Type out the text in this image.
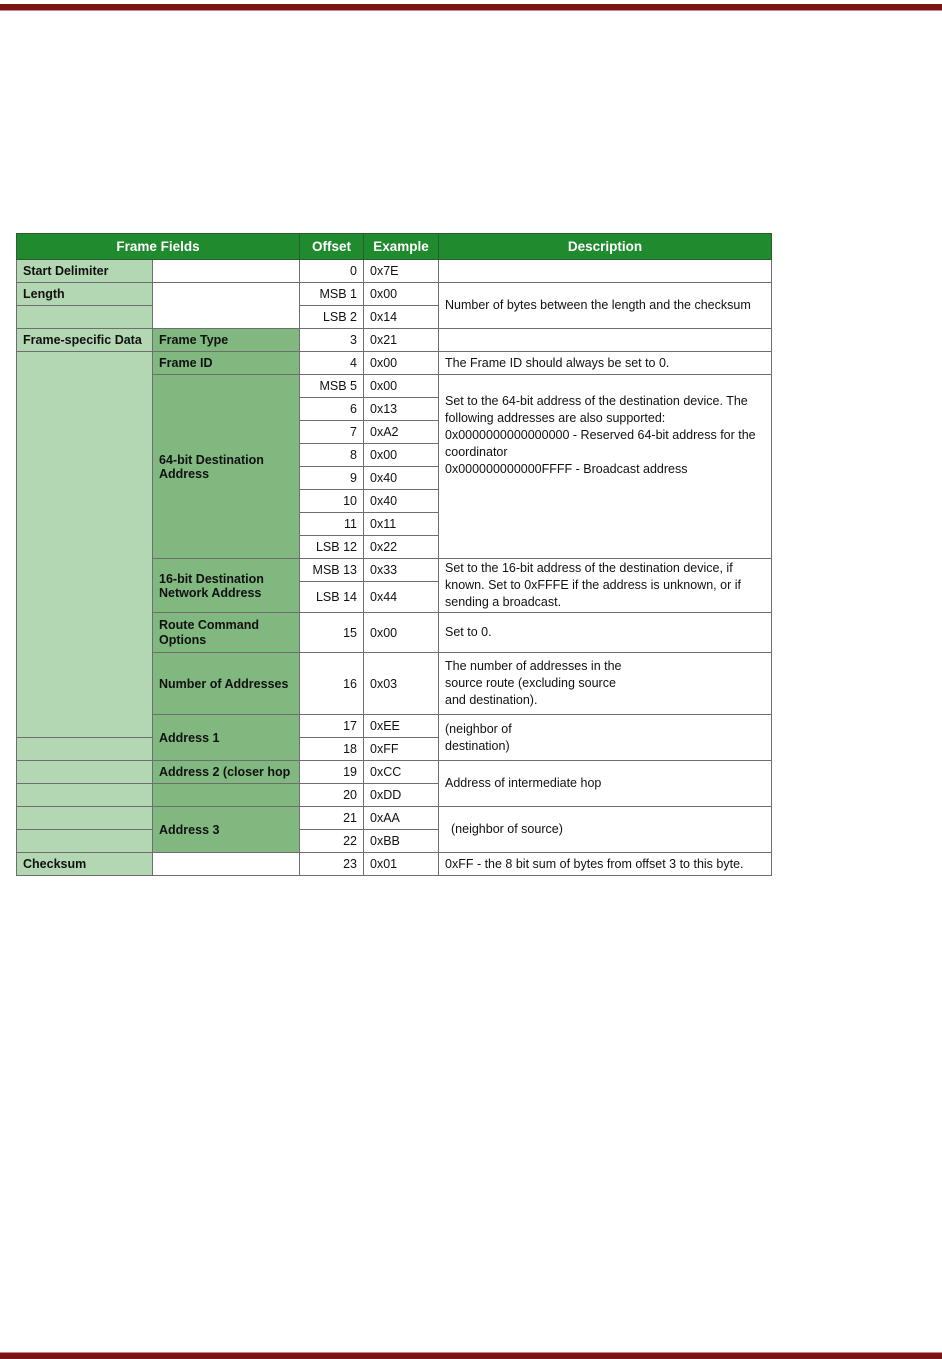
Frame Fields		Offset	Example	Description
Start Delimiter		0	0x7E	
Length		MSB 1	0x00	Number of bytes between the length and the checksum
		LSB 2	0x14	
Frame-specific Data	Frame Type	3	0x21	
	Frame ID	4	0x00	The Frame ID should always be set to 0.
	64-bit Destination Address	MSB 5	0x00	Set to the 64-bit address of the destination device. The following addresses are also supported:
0x0000000000000000 - Reserved 64-bit address for the coordinator
0x000000000000FFFF - Broadcast address

		6	0x13	
		7	0xA2	
		8	0x00	
		9	0x40	
		10	0x40	
		11	0x11	
		LSB 12	0x22	
	16-bit Destination Network Address	MSB 13	0x33	Set to the 16-bit address of the destination device, if known. Set to 0xFFFE if the address is unknown, or if sending a broadcast.
		LSB 14	0x44	
	Route Command Options	15	0x00	Set to 0.
	Number of Addresses	16	0x03	The number of addresses in the
source route (excluding source
and destination).

	Address 1	17	0xEE	(neighbor of
destination)

		18	0xFF	
	Address 2 (closer hop	19	0xCC	Address of intermediate hop
		20	0xDD	
	Address 3	21	0xAA	(neighbor of source)
		22	0xBB	
Checksum		23	0x01	0xFF - the 8 bit sum of bytes from offset 3 to this byte.
